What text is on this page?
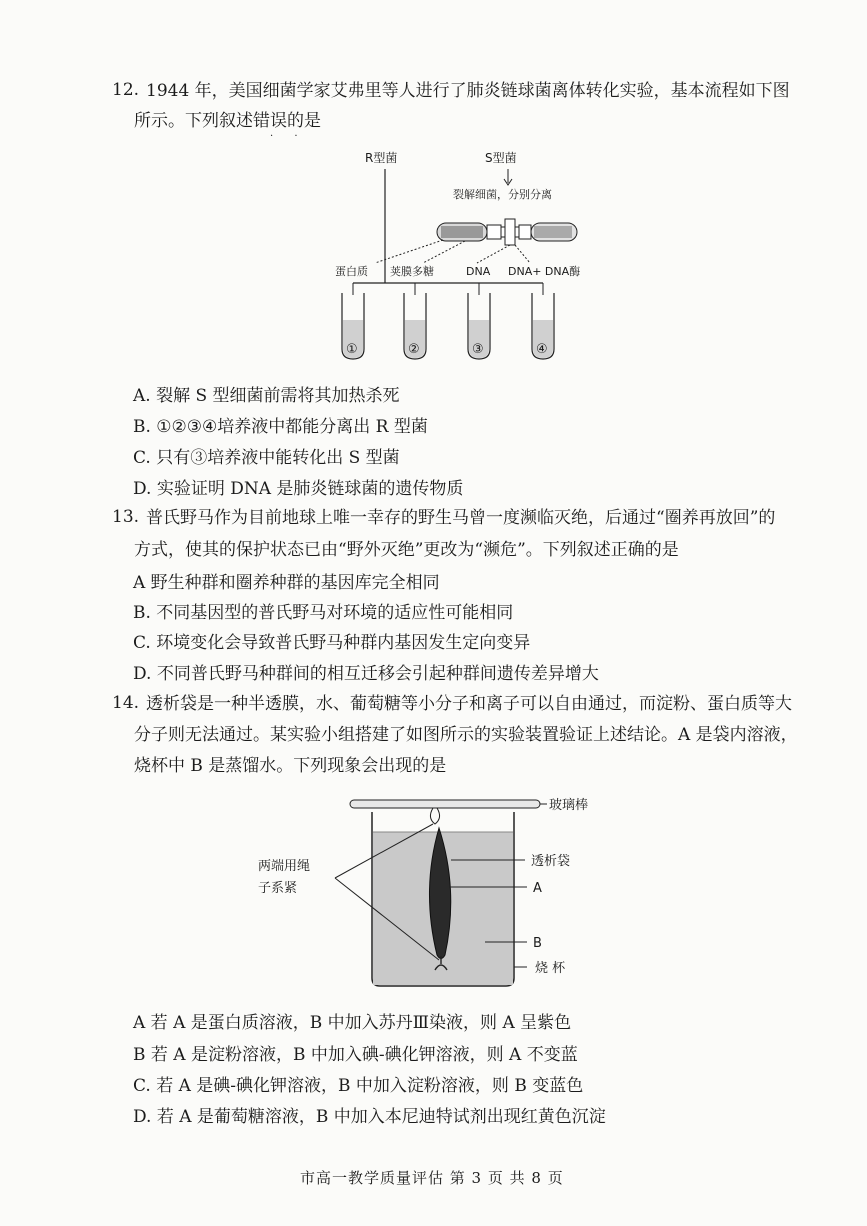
12. 1944 年，美国细菌学家艾弗里等人进行了肺炎链球菌离体转化实验，基本流程如下图
所示。下列叙述错误的是
. .
R型菌	S型菌
裂解细菌，分别分离
蛋白质 荚膜多糖	DNA DNA+ DNA酶
①	②	③	④
A. 裂解 S 型细菌前需将其加热杀死
B. ①②③④培养液中都能分离出 R 型菌
C. 只有③培养液中能转化出 S 型菌
D. 实验证明 DNA 是肺炎链球菌的遗传物质
13. 普氏野马作为目前地球上唯一幸存的野生马曾一度濒临灭绝，后通过“圈养再放回”的
方式，使其的保护状态已由“野外灭绝”更改为“濒危”。下列叙述正确的是
A 野生种群和圈养种群的基因库完全相同
B. 不同基因型的普氏野马对环境的适应性可能相同
C. 环境变化会导致普氏野马种群内基因发生定向变异
D. 不同普氏野马种群间的相互迁移会引起种群间遗传差异增大
14. 透析袋是一种半透膜，水、葡萄糖等小分子和离子可以自由通过，而淀粉、蛋白质等大
分子则无法通过。某实验小组搭建了如图所示的实验装置验证上述结论。A 是袋内溶液，
烧杯中 B 是蒸馏水。下列现象会出现的是
玻璃棒
透析袋
A
B
烧 杯
两端用绳
子系紧
A 若 A 是蛋白质溶液，B 中加入苏丹Ⅲ染液，则 A 呈紫色
B 若 A 是淀粉溶液，B 中加入碘-碘化钾溶液，则 A 不变蓝
C. 若 A 是碘-碘化钾溶液，B 中加入淀粉溶液，则 B 变蓝色
D. 若 A 是葡萄糖溶液，B 中加入本尼迪特试剂出现红黄色沉淀
市高一教学质量评估 第 3 页 共 8 页
